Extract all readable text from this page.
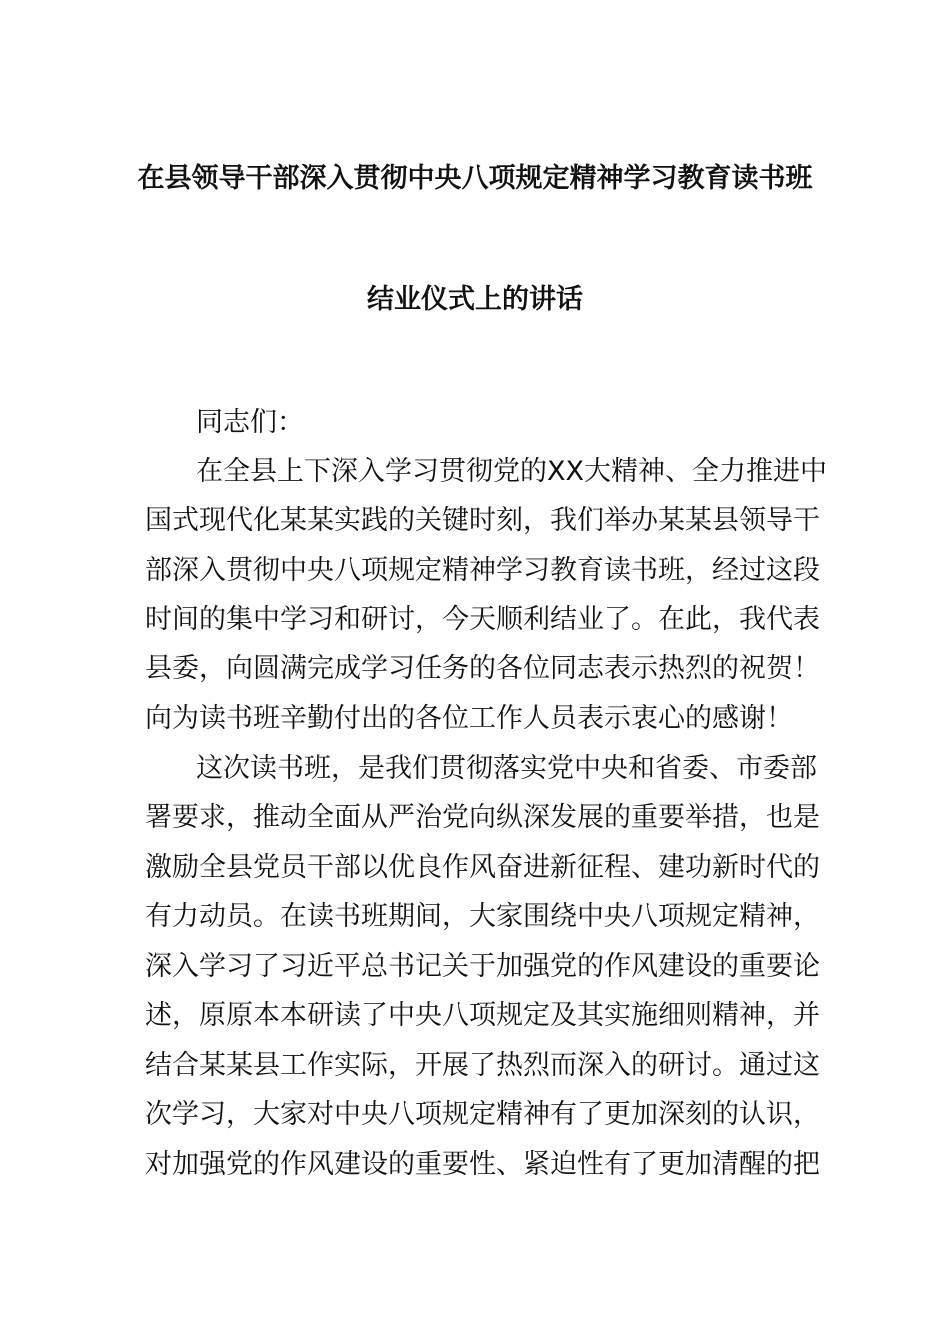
在县领导干部深入贯彻中央八项规定精神学习教育读书班
结业仪式上的讲话
同志们：
在全县上下深入学习贯彻党的XX大精神、全力推进中
国式现代化某某实践的关键时刻，我们举办某某县领导干
部深入贯彻中央八项规定精神学习教育读书班，经过这段
时间的集中学习和研讨，今天顺利结业了。在此，我代表
县委，向圆满完成学习任务的各位同志表示热烈的祝贺！
向为读书班辛勤付出的各位工作人员表示衷心的感谢！
这次读书班，是我们贯彻落实党中央和省委、市委部
署要求，推动全面从严治党向纵深发展的重要举措，也是
激励全县党员干部以优良作风奋进新征程、建功新时代的
有力动员。在读书班期间，大家围绕中央八项规定精神，
深入学习了习近平总书记关于加强党的作风建设的重要论
述，原原本本研读了中央八项规定及其实施细则精神，并
结合某某县工作实际，开展了热烈而深入的研讨。通过这
次学习，大家对中央八项规定精神有了更加深刻的认识，
对加强党的作风建设的重要性、紧迫性有了更加清醒的把
